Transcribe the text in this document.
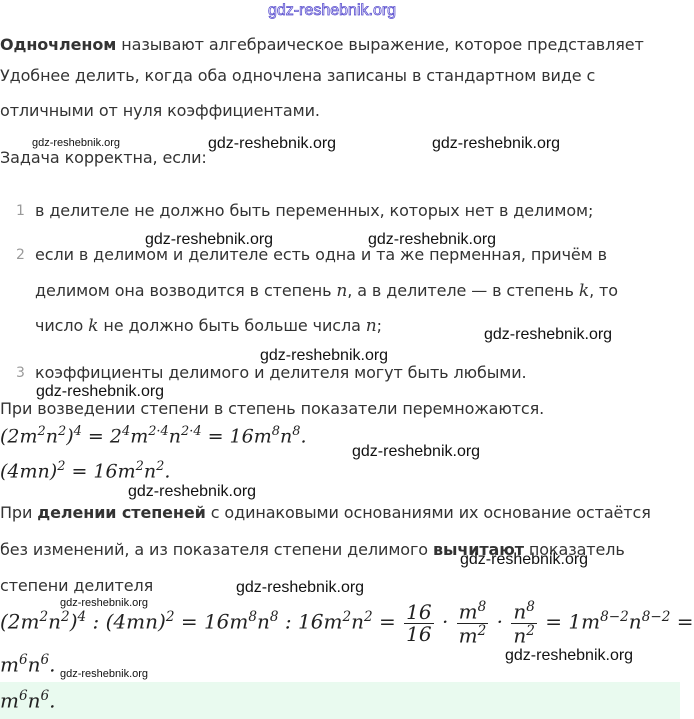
gdz-reshebnik.org
Одночленом называют алгебраическое выражение, которое представляет
Удобнее делить, когда оба одночлена записаны в стандартном виде с
отличными от нуля коэффициентами.
gdz-reshebnik.org	gdz-reshebnik.org	gdz-reshebnik.org
Задача корректна, если:
1 в делителе не должно быть переменных, которых нет в делимом;
gdz-reshebnik.org	gdz-reshebnik.org
2 если в делимом и делителе есть одна и та же перменная, причём в
делимом она возводится в степень n, а в делителе — в степень k, то
число k не должно быть больше числа n;	gdz-reshebnik.org
gdz-reshebnik.org
3 коэффициенты делимого и делителя могут быть любыми.
gdz-reshebnik.org
При возведении степени в степень показатели перемножаются.
$(2m^2n^2)^4 = 2^4m^{2\cdot 4}n^{2\cdot 4} = 16m^8n^8$.
gdz-reshebnik.org
$(4mn)^2 = 16m^2n^2$.
gdz-reshebnik.org
При делении степеней с одинаковыми основаниями их основание остаётся
без изменений, а из показателя степени делимого вычитают показатель
gdz-reshebnik.org
степени делителя	gdz-reshebnik.org
gdz-reshebnik.org
$(2m^2n^2)^4$ : $(4mn)^2 = 16m^8n^8$ : $16m^2n^2 = \frac{16}{16} \cdot \frac{m^8}{m^2} \cdot \frac{n^8}{n^2} = 1m^{8-2}n^{8-2}$ =
$m^6n^6$.	gdz-reshebnik.org
gdz-reshebnik.org
$m^6n^6$.
